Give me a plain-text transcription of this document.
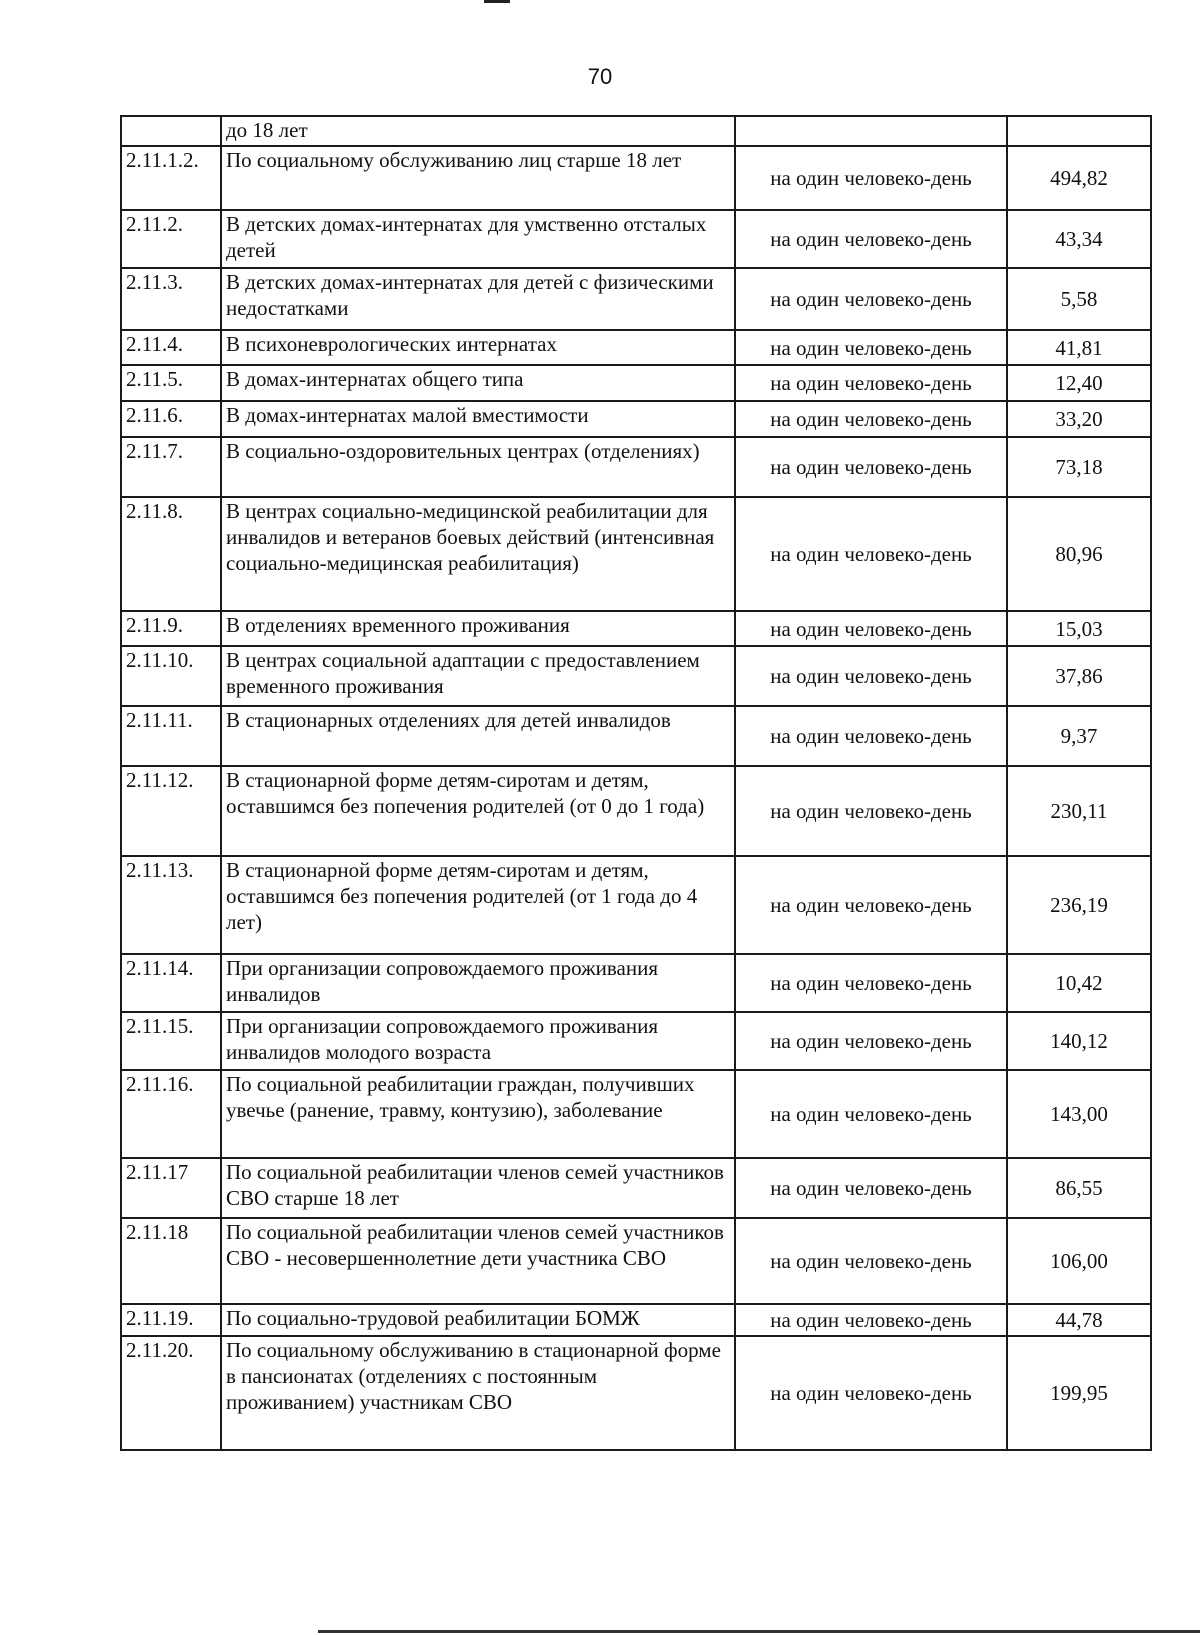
70
	до 18 лет		
2.11.1.2.	По социальному обслуживанию лиц старше 18 лет	на один человеко-день	494,82
2.11.2.	В детских домах-интернатах для умственно отсталых детей	на один человеко-день	43,34
2.11.3.	В детских домах-интернатах для детей с физическими недостатками	на один человеко-день	5,58
2.11.4.	В психоневрологических интернатах	на один человеко-день	41,81
2.11.5.	В домах-интернатах общего типа	на один человеко-день	12,40
2.11.6.	В домах-интернатах малой вместимости	на один человеко-день	33,20
2.11.7.	В социально-оздоровительных центрах (отделениях)	на один человеко-день	73,18
2.11.8.	В центрах социально-медицинской реабилитации для инвалидов и ветеранов боевых действий (интенсивная социально-медицинская реабилитация)	на один человеко-день	80,96
2.11.9.	В отделениях временного проживания	на один человеко-день	15,03
2.11.10.	В центрах социальной адаптации с предоставлением временного проживания	на один человеко-день	37,86
2.11.11.	В стационарных отделениях для детей инвалидов	на один человеко-день	9,37
2.11.12.	В стационарной форме детям-сиротам и детям, оставшимся без попечения родителей (от 0 до 1 года)	на один человеко-день	230,11
2.11.13.	В стационарной форме детям-сиротам и детям, оставшимся без попечения родителей (от 1 года до 4 лет)	на один человеко-день	236,19
2.11.14.	При организации сопровождаемого проживания инвалидов	на один человеко-день	10,42
2.11.15.	При организации сопровождаемого проживания инвалидов молодого возраста	на один человеко-день	140,12
2.11.16.	По социальной реабилитации граждан, получивших увечье (ранение, травму, контузию), заболевание	на один человеко-день	143,00
2.11.17	По социальной реабилитации членов семей участников СВО старше 18 лет	на один человеко-день	86,55
2.11.18	По социальной реабилитации членов семей участников СВО - несовершеннолетние дети участника СВО	на один человеко-день	106,00
2.11.19.	По социально-трудовой реабилитации БОМЖ	на один человеко-день	44,78
2.11.20.	По социальному обслуживанию в стационарной форме в пансионатах (отделениях с постоянным проживанием) участникам СВО	на один человеко-день	199,95
